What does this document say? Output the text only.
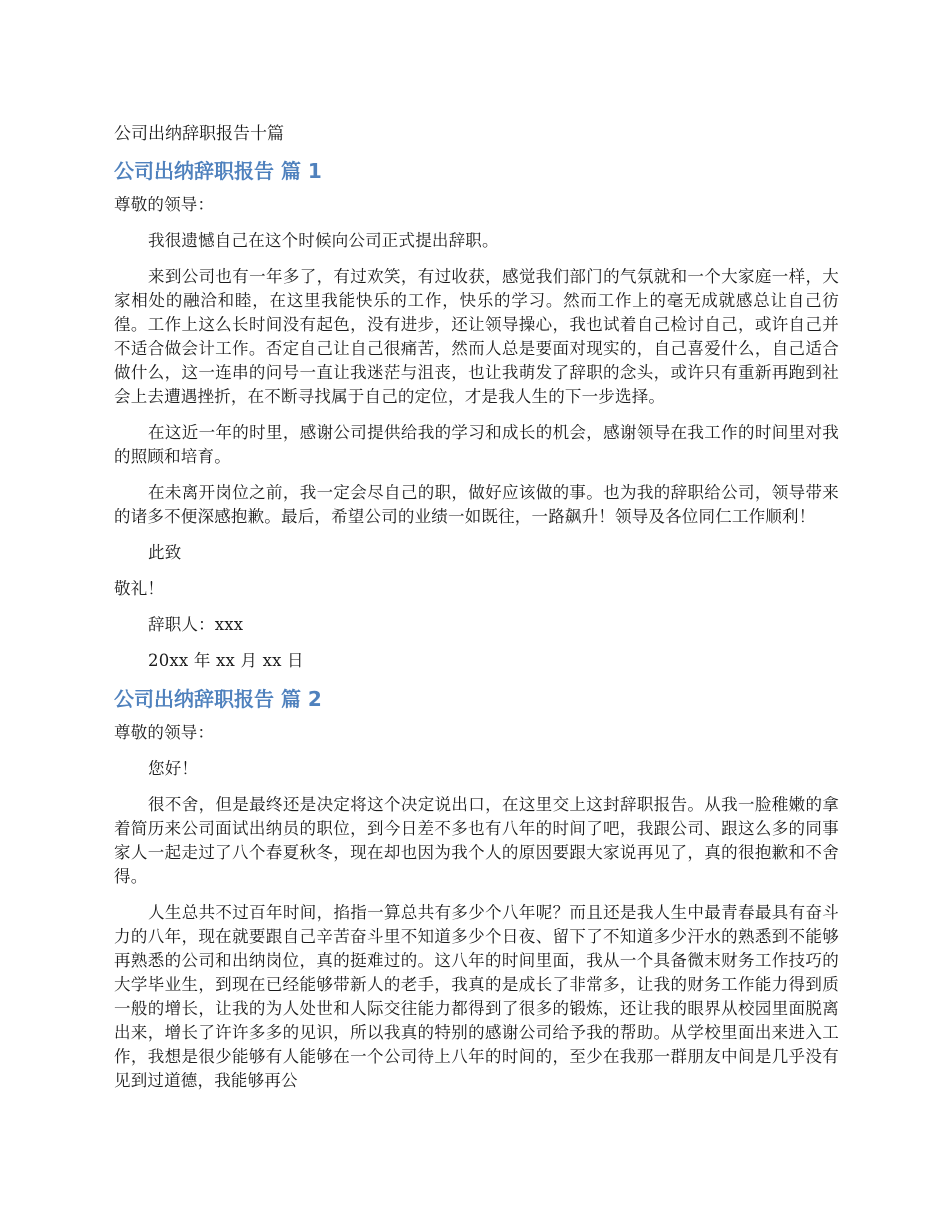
公司出纳辞职报告十篇
公司出纳辞职报告 篇 1
尊敬的领导：
我很遗憾自己在这个时候向公司正式提出辞职。
来到公司也有一年多了，有过欢笑，有过收获，感觉我们部门的气氛就和一个大家庭一样，大家相处的融洽和睦，在这里我能快乐的工作，快乐的学习。然而工作上的毫无成就感总让自己彷徨。工作上这么长时间没有起色，没有进步，还让领导操心，我也试着自己检讨自己，或许自己并不适合做会计工作。否定自己让自己很痛苦，然而人总是要面对现实的，自己喜爱什么，自己适合做什么，这一连串的问号一直让我迷茫与沮丧，也让我萌发了辞职的念头，或许只有重新再跑到社会上去遭遇挫折，在不断寻找属于自己的定位，才是我人生的下一步选择。
在这近一年的时里，感谢公司提供给我的学习和成长的机会，感谢领导在我工作的时间里对我的照顾和培育。
在未离开岗位之前，我一定会尽自己的职，做好应该做的事。也为我的辞职给公司，领导带来的诸多不便深感抱歉。最后，希望公司的业绩一如既往，一路飙升！领导及各位同仁工作顺利！
此致
敬礼！
辞职人：xxx
20xx 年 xx 月 xx 日
公司出纳辞职报告 篇 2
尊敬的领导：
您好！
很不舍，但是最终还是决定将这个决定说出口，在这里交上这封辞职报告。从我一脸稚嫩的拿着简历来公司面试出纳员的职位，到今日差不多也有八年的时间了吧，我跟公司、跟这么多的同事家人一起走过了八个春夏秋冬，现在却也因为我个人的原因要跟大家说再见了，真的很抱歉和不舍得。
人生总共不过百年时间，掐指一算总共有多少个八年呢？而且还是我人生中最青春最具有奋斗力的八年，现在就要跟自己辛苦奋斗里不知道多少个日夜、留下了不知道多少汗水的熟悉到不能够再熟悉的公司和出纳岗位，真的挺难过的。这八年的时间里面，我从一个具备微末财务工作技巧的大学毕业生，到现在已经能够带新人的老手，我真的是成长了非常多，让我的财务工作能力得到质一般的增长，让我的为人处世和人际交往能力都得到了很多的锻炼，还让我的眼界从校园里面脱离出来，增长了许许多多的见识，所以我真的特别的感谢公司给予我的帮助。从学校里面出来进入工作，我想是很少能够有人能够在一个公司待上八年的时间的，至少在我那一群朋友中间是几乎没有见到过道德，我能够再公
